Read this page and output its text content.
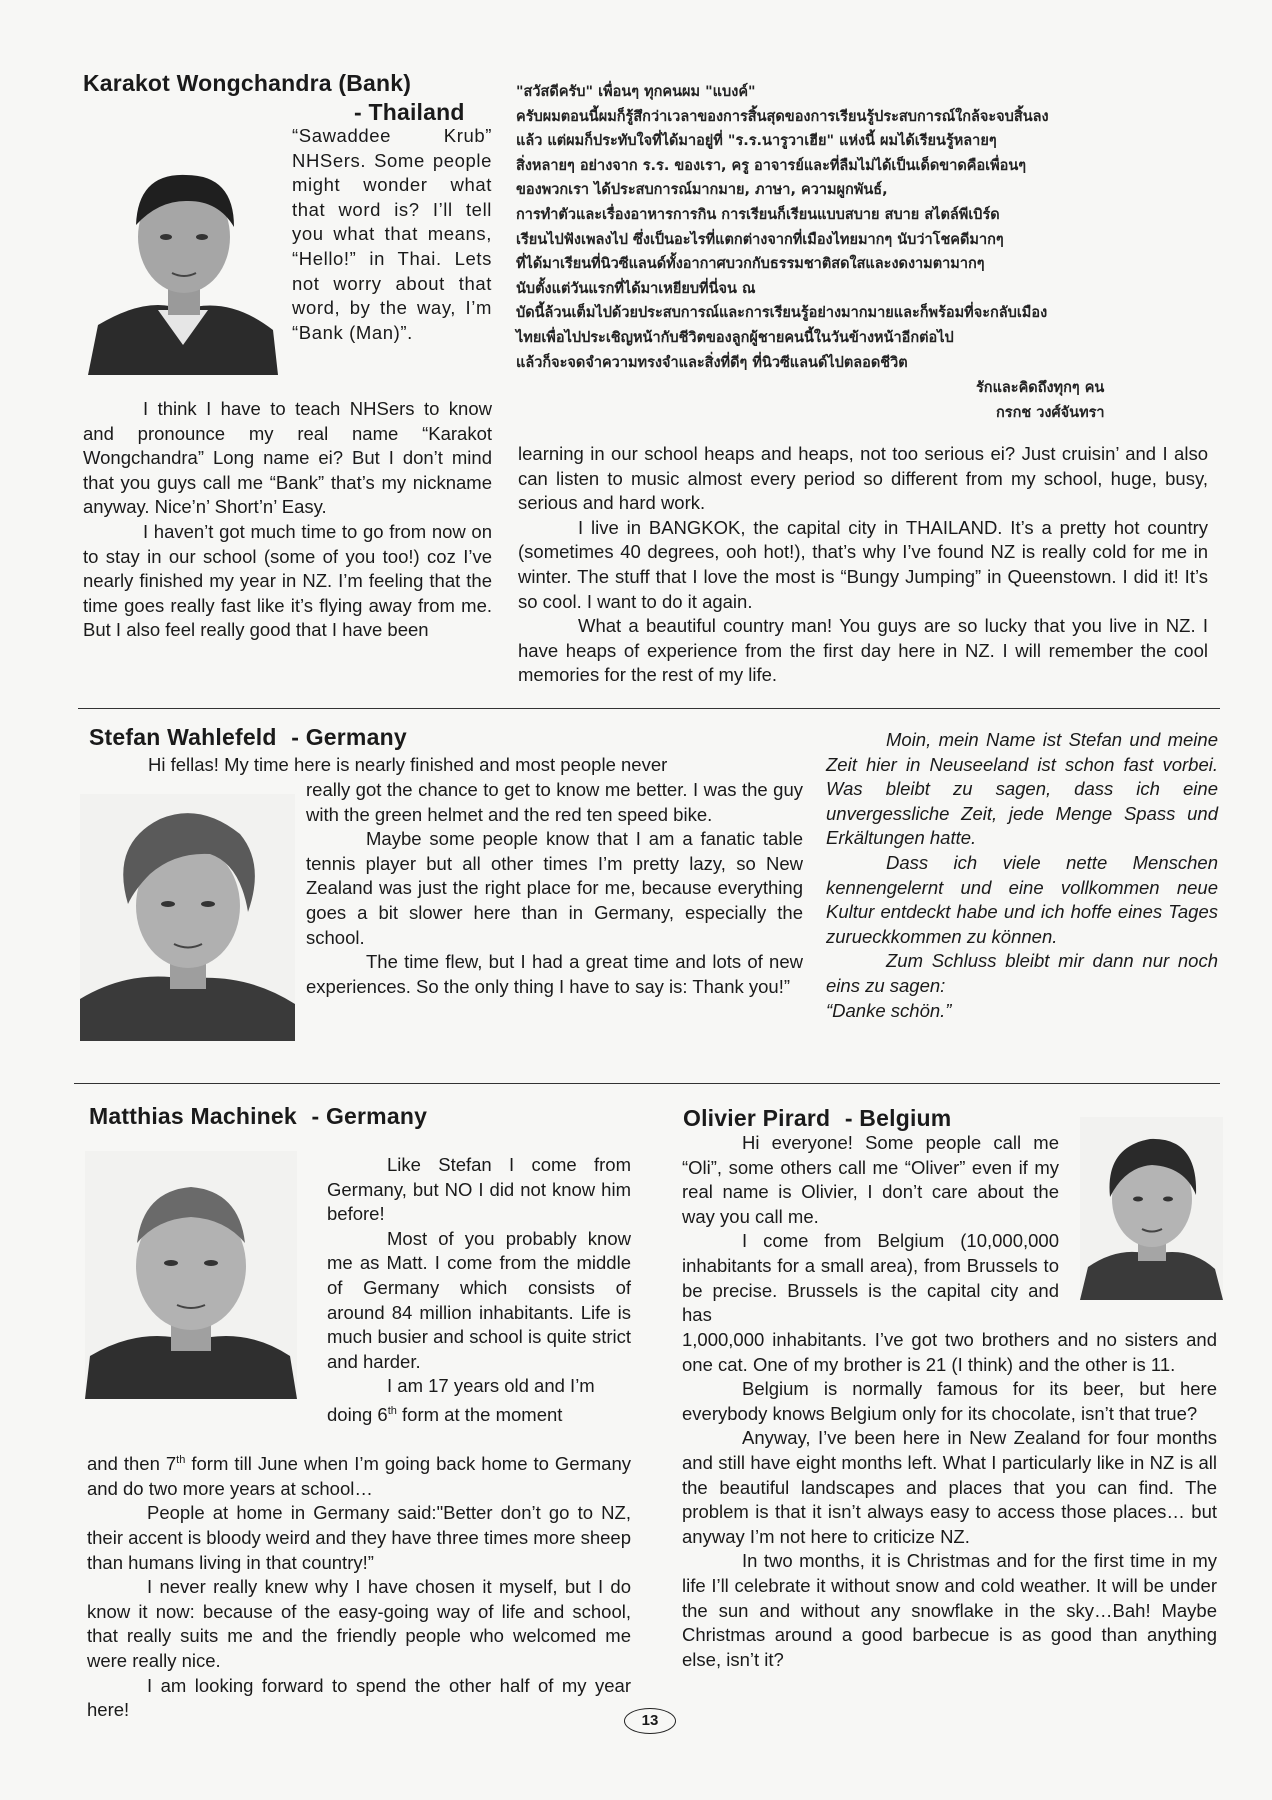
Karakot Wongchandra (Bank)
- Thailand

“Sawaddee Krub” NHSers. Some people might wonder what that word is? I’ll tell you what that means, “Hello!” in Thai. Lets not worry about that word, by the way, I’m “Bank (Man)”.

I think I have to teach NHSers to know and pronounce my real name “Karakot Wongchandra” Long name ei? But I don’t mind that you guys call me “Bank” that’s my nickname anyway. Nice’n’ Short’n’ Easy.

I haven’t got much time to go from now on to stay in our school (some of you too!) coz I’ve nearly finished my year in NZ. I’m feeling that the time goes really fast like it’s flying away from me. But I also feel really good that I have been

"สวัสดีครับ" เพื่อนๆ ทุกคนผม "แบงค์"

ครับผมตอนนี้ผมก็รู้สึกว่าเวลาของการสิ้นสุดของการเรียนรู้ประสบการณ์ใกล้จะจบสิ้นลง

แล้ว แต่ผมก็ประทับใจที่ได้มาอยู่ที่ "ร.ร.นารูวาเฮีย" แห่งนี้ ผมได้เรียนรู้หลายๆ

สิ่งหลายๆ อย่างจาก ร.ร. ของเรา, ครู อาจารย์และที่ลืมไม่ได้เป็นเด็ดขาดคือเพื่อนๆ

ของพวกเรา ได้ประสบการณ์มากมาย, ภาษา, ความผูกพันธ์,

การทำตัวและเรื่องอาหารการกิน การเรียนก็เรียนแบบสบาย สบาย สไตล์พีเบิร์ด

เรียนไปฟังเพลงไป ซึ่งเป็นอะไรที่แตกต่างจากที่เมืองไทยมากๆ นับว่าโชคดีมากๆ

ที่ได้มาเรียนที่นิวซีแลนด์ทั้งอากาศบวกกับธรรมชาติสดใสและงดงามตามากๆ

นับตั้งแต่วันแรกที่ได้มาเหยียบที่นี่จน ณ

บัดนี้ล้วนเต็มไปด้วยประสบการณ์และการเรียนรู้อย่างมากมายและก็พร้อมที่จะกลับเมือง

ไทยเพื่อไปประเชิญหน้ากับชีวิตของลูกผู้ชายคนนี้ในวันข้างหน้าอีกต่อไป

แล้วก็จะจดจำความทรงจำและสิ่งที่ดีๆ ที่นิวซีแลนด์ไปตลอดชีวิต

รักและคิดถึงทุกๆ คน
กรกช วงศ์จันทรา

learning in our school heaps and heaps, not too serious ei? Just cruisin’ and I also can listen to music almost every period so different from my school, huge, busy, serious and hard work.

I live in BANGKOK, the capital city in THAILAND. It’s a pretty hot country (sometimes 40 degrees, ooh hot!), that’s why I’ve found NZ is really cold for me in winter. The stuff that I love the most is “Bungy Jumping” in Queenstown. I did it! It’s so cool. I want to do it again.

What a beautiful country man! You guys are so lucky that you live in NZ. I have heaps of experience from the first day here in NZ. I will remember the cool memories for the rest of my life.

Stefan Wahlefeld - Germany
Hi fellas! My time here is nearly finished and most people never

really got the chance to get to know me better. I was the guy with the green helmet and the red ten speed bike.

Maybe some people know that I am a fanatic table tennis player but all other times I’m pretty lazy, so New Zealand was just the right place for me, because everything goes a bit slower here than in Germany, especially the school.

The time flew, but I had a great time and lots of new experiences. So the only thing I have to say is: Thank you!”

Moin, mein Name ist Stefan und meine Zeit hier in Neuseeland ist schon fast vorbei. Was bleibt zu sagen, dass ich eine unvergessliche Zeit, jede Menge Spass und Erkältungen hatte.

Dass ich viele nette Menschen kennengelernt und eine vollkommen neue Kultur entdeckt habe und ich hoffe eines Tages zurueckkommen zu können.

Zum Schluss bleibt mir dann nur noch eins zu sagen:

“Danke schön.”

Matthias Machinek - Germany

Like Stefan I come from Germany, but NO I did not know him before!

Most of you probably know me as Matt. I come from the middle of Germany which consists of around 84 million inhabitants. Life is much busier and school is quite strict and harder.

I am 17 years old and I’m

doing 6th form at the moment

and then 7th form till June when I’m going back home to Germany and do two more years at school…

People at home in Germany said:"Better don’t go to NZ, their accent is bloody weird and they have three times more sheep than humans living in that country!”

I never really knew why I have chosen it myself, but I do know it now: because of the easy-going way of life and school, that really suits me and the friendly people who welcomed me were really nice.

I am looking forward to spend the other half of my year here!

Olivier Pirard - Belgium

Hi everyone! Some people call me “Oli”, some others call me “Oliver” even if my real name is Olivier, I don’t care about the way you call me.

I come from Belgium (10,000,000 inhabitants for a small area), from Brussels to be precise. Brussels is the capital city and has

1,000,000 inhabitants. I’ve got two brothers and no sisters and one cat. One of my brother is 21 (I think) and the other is 11.

Belgium is normally famous for its beer, but here everybody knows Belgium only for its chocolate, isn’t that true?

Anyway, I’ve been here in New Zealand for four months and still have eight months left. What I particularly like in NZ is all the beautiful landscapes and places that you can find. The problem is that it isn’t always easy to access those places… but anyway I’m not here to criticize NZ.

In two months, it is Christmas and for the first time in my life I’ll celebrate it without snow and cold weather. It will be under the sun and without any snowflake in the sky…Bah! Maybe Christmas around a good barbecue is as good than anything else, isn’t it?

13
